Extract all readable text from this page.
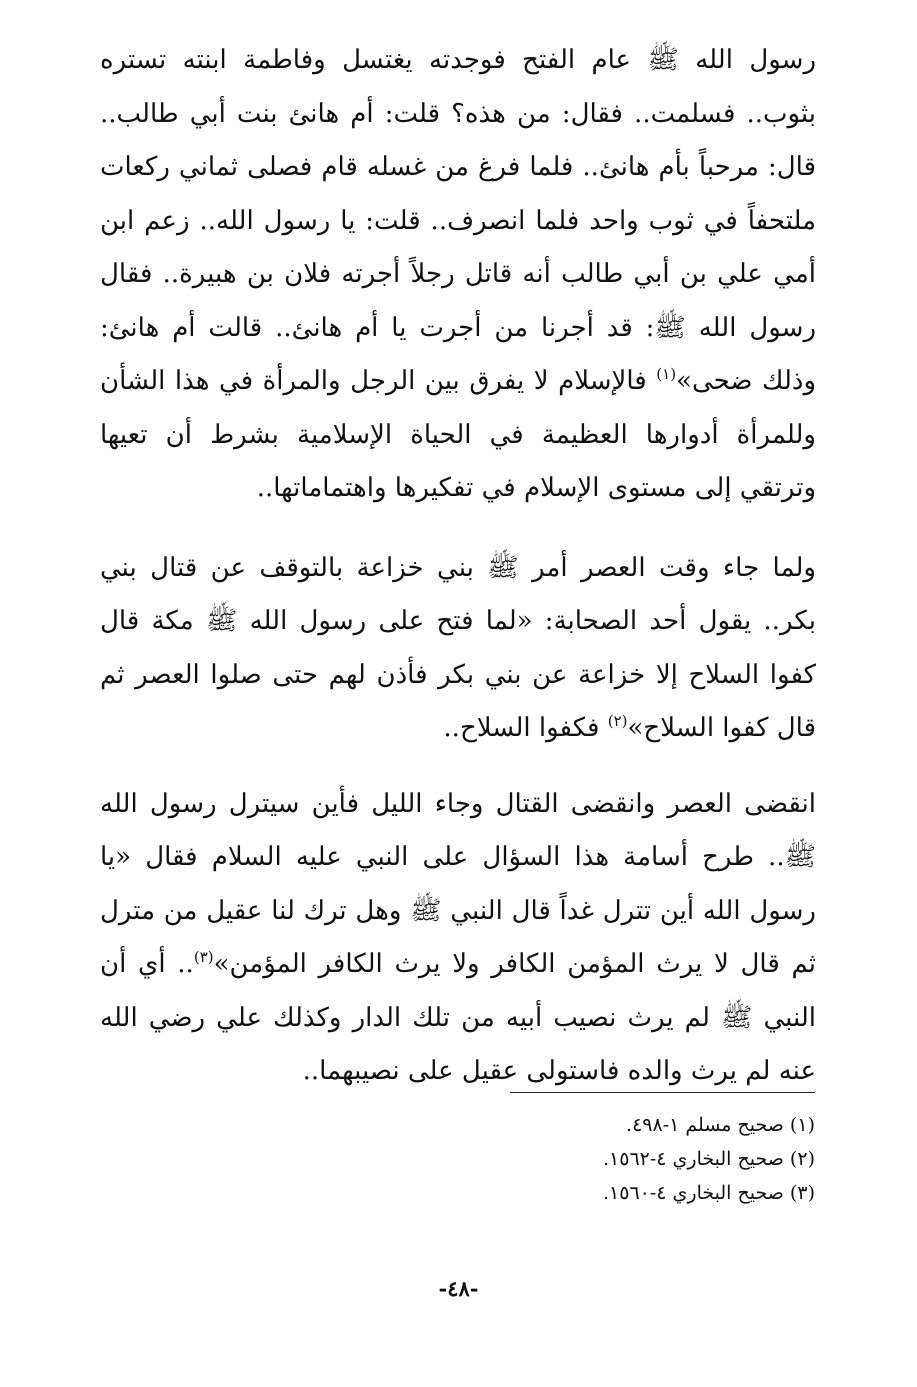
رسول الله ﷺ عام الفتح فوجدته يغتسل وفاطمة ابنته تستره بثوب.. فسلمت.. فقال: من هذه؟ قلت: أم هانئ بنت أبي طالب.. قال: مرحباً بأم هانئ.. فلما فرغ من غسله قام فصلى ثماني ركعات ملتحفاً في ثوب واحد فلما انصرف.. قلت: يا رسول الله.. زعم ابن أمي علي بن أبي طالب أنه قاتل رجلاً أجرته فلان بن هبيرة.. فقال رسول الله ﷺ: قد أجرنا من أجرت يا أم هانئ.. قالت أم هانئ: وذلك ضحى»$^{(١)}$ فالإسلام لا يفرق بين الرجل والمرأة في هذا الشأن وللمرأة أدوارها العظيمة في الحياة الإسلامية بشرط أن تعيها وترتقي إلى مستوى الإسلام في تفكيرها واهتماماتها..

ولما جاء وقت العصر أمر ﷺ بني خزاعة بالتوقف عن قتال بني بكر.. يقول أحد الصحابة: «لما فتح على رسول الله ﷺ مكة قال كفوا السلاح إلا خزاعة عن بني بكر فأذن لهم حتى صلوا العصر ثم قال كفوا السلاح»$^{(٢)}$ فكفوا السلاح..

انقضى العصر وانقضى القتال وجاء الليل فأين سيترل رسول الله ﷺ.. طرح أسامة هذا السؤال على النبي عليه السلام فقال «يا رسول الله أين تترل غداً قال النبي ﷺ وهل ترك لنا عقيل من مترل ثم قال لا يرث المؤمن الكافر ولا يرث الكافر المؤمن»$^{(٣)}$.. أي أن النبي ﷺ لم يرث نصيب أبيه من تلك الدار وكذلك علي رضي الله عنه لم يرث والده فاستولى عقيل على نصيبهما..

(١) صحيح مسلم ١-٤٩٨.
(٢) صحيح البخاري ٤-١٥٦٢.
(٣) صحيح البخاري ٤-١٥٦٠.
-٤٨-
